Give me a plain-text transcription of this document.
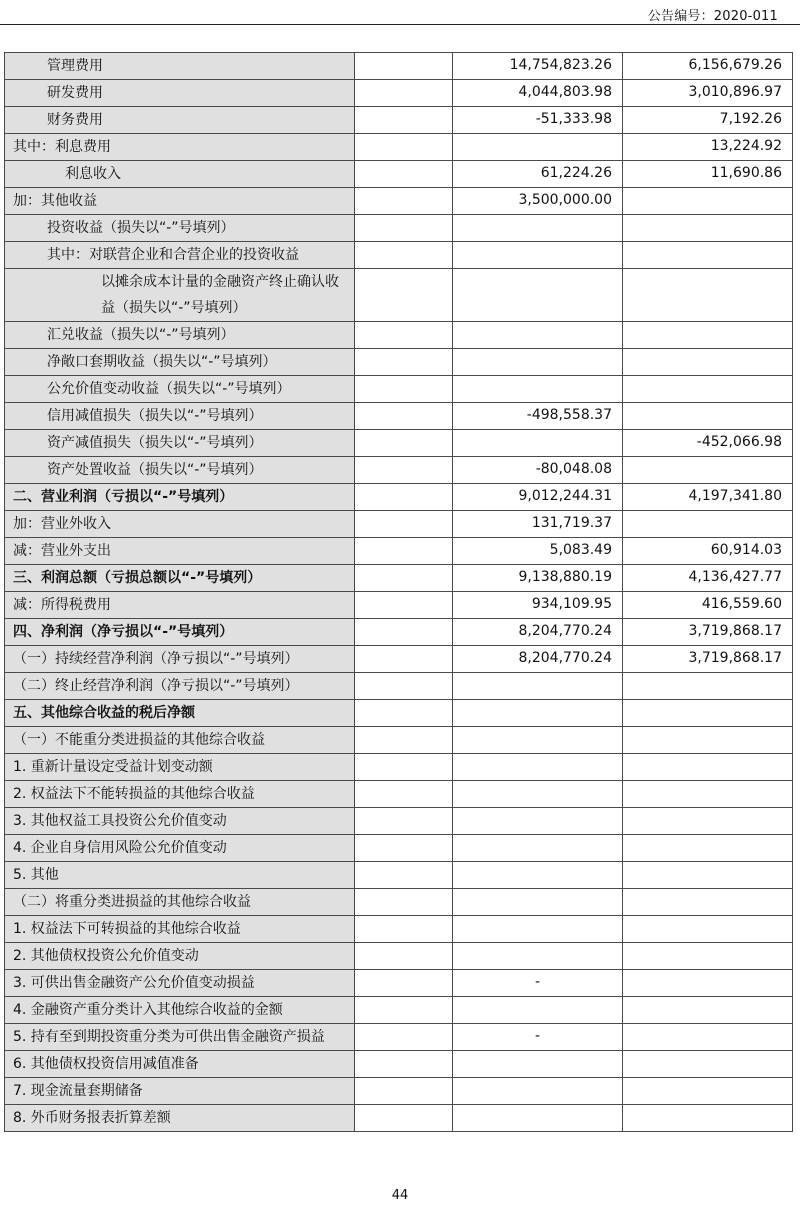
公告编号：2020-011
管理费用		14,754,823.26	6,156,679.26
研发费用		4,044,803.98	3,010,896.97
财务费用		-51,333.98	7,192.26
其中：利息费用			13,224.92
利息收入		61,224.26	11,690.86
加：其他收益		3,500,000.00	
投资收益（损失以“-”号填列）			
其中：对联营企业和合营企业的投资收益			
以摊余成本计量的金融资产终止确认收益（损失以“-”号填列）			
汇兑收益（损失以“-”号填列）			
净敞口套期收益（损失以“-”号填列）			
公允价值变动收益（损失以“-”号填列）			
信用减值损失（损失以“-”号填列）		-498,558.37	
资产减值损失（损失以“-”号填列）			-452,066.98
资产处置收益（损失以“-”号填列）		-80,048.08	
二、营业利润（亏损以“-”号填列）		9,012,244.31	4,197,341.80
加：营业外收入		131,719.37	
减：营业外支出		5,083.49	60,914.03
三、利润总额（亏损总额以“-”号填列）		9,138,880.19	4,136,427.77
减：所得税费用		934,109.95	416,559.60
四、净利润（净亏损以“-”号填列）		8,204,770.24	3,719,868.17
（一）持续经营净利润（净亏损以“-”号填列）		8,204,770.24	3,719,868.17
（二）终止经营净利润（净亏损以“-”号填列）			
五、其他综合收益的税后净额			
（一）不能重分类进损益的其他综合收益			
1. 重新计量设定受益计划变动额			
2. 权益法下不能转损益的其他综合收益			
3. 其他权益工具投资公允价值变动			
4. 企业自身信用风险公允价值变动			
5. 其他			
（二）将重分类进损益的其他综合收益			
1. 权益法下可转损益的其他综合收益			
2. 其他债权投资公允价值变动			
3. 可供出售金融资产公允价值变动损益		-	
4. 金融资产重分类计入其他综合收益的金额			
5. 持有至到期投资重分类为可供出售金融资产损益		-	
6. 其他债权投资信用减值准备			
7. 现金流量套期储备			
8. 外币财务报表折算差额			
44
